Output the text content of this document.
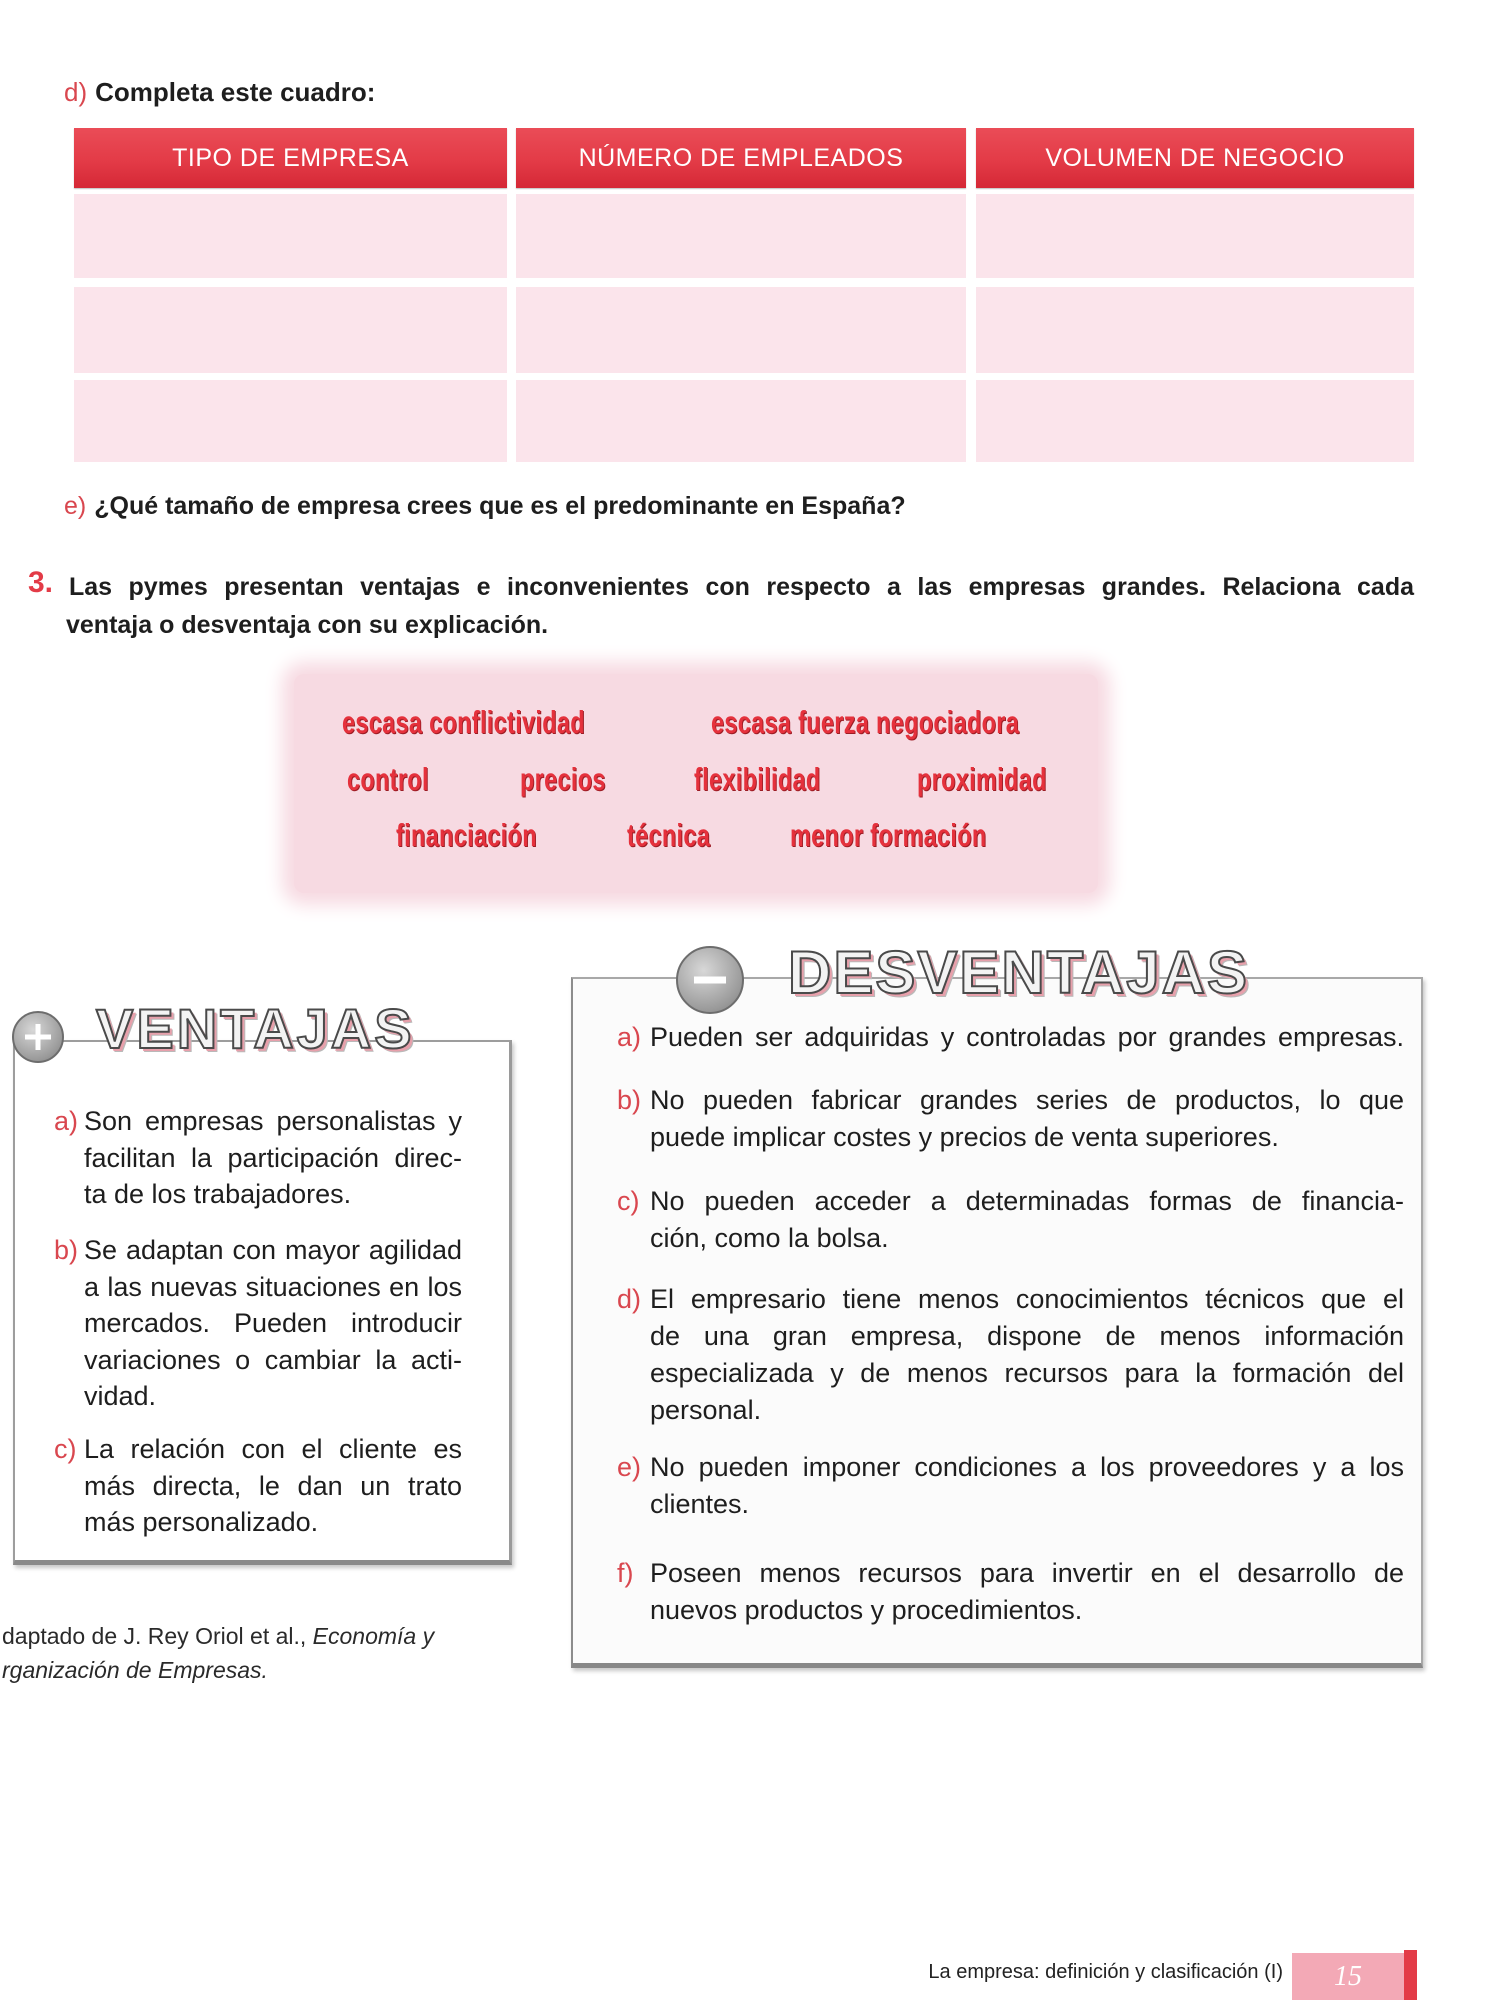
d) Completa este cuadro:
TIPO DE EMPRESA	NÚMERO DE EMPLEADOS	VOLUMEN DE NEGOCIO
e) ¿Qué tamaño de empresa crees que es el predominante en España?
3. Las pymes presentan ventajas e inconvenientes con respecto a las empresas grandes. Relaciona cada
ventaja o desventaja con su explicación.
escasa conflictividad	escasa fuerza negociadora
control	precios	flexibilidad	proximidad
financiación	técnica	menor formación
VENTAJAS
a) Son empresas personalistas y
facilitan la participación direc-
ta de los trabajadores.
b) Se adaptan con mayor agilidad
a las nuevas situaciones en los
mercados. Pueden introducir
variaciones o cambiar la acti-
vidad.
c) La relación con el cliente es
más directa, le dan un trato
más personalizado.
daptado de J. Rey Oriol et al., Economía y
rganización de Empresas.
DESVENTAJAS
a) Pueden ser adquiridas y controladas por grandes empresas.
b) No pueden fabricar grandes series de productos, lo que
puede implicar costes y precios de venta superiores.
c) No pueden acceder a determinadas formas de financia-
ción, como la bolsa.
d) El empresario tiene menos conocimientos técnicos que el
de una gran empresa, dispone de menos información
especializada y de menos recursos para la formación del
personal.
e) No pueden imponer condiciones a los proveedores y a los
clientes.
f) Poseen menos recursos para invertir en el desarrollo de
nuevos productos y procedimientos.
La empresa: definición y clasificación (I)	15
